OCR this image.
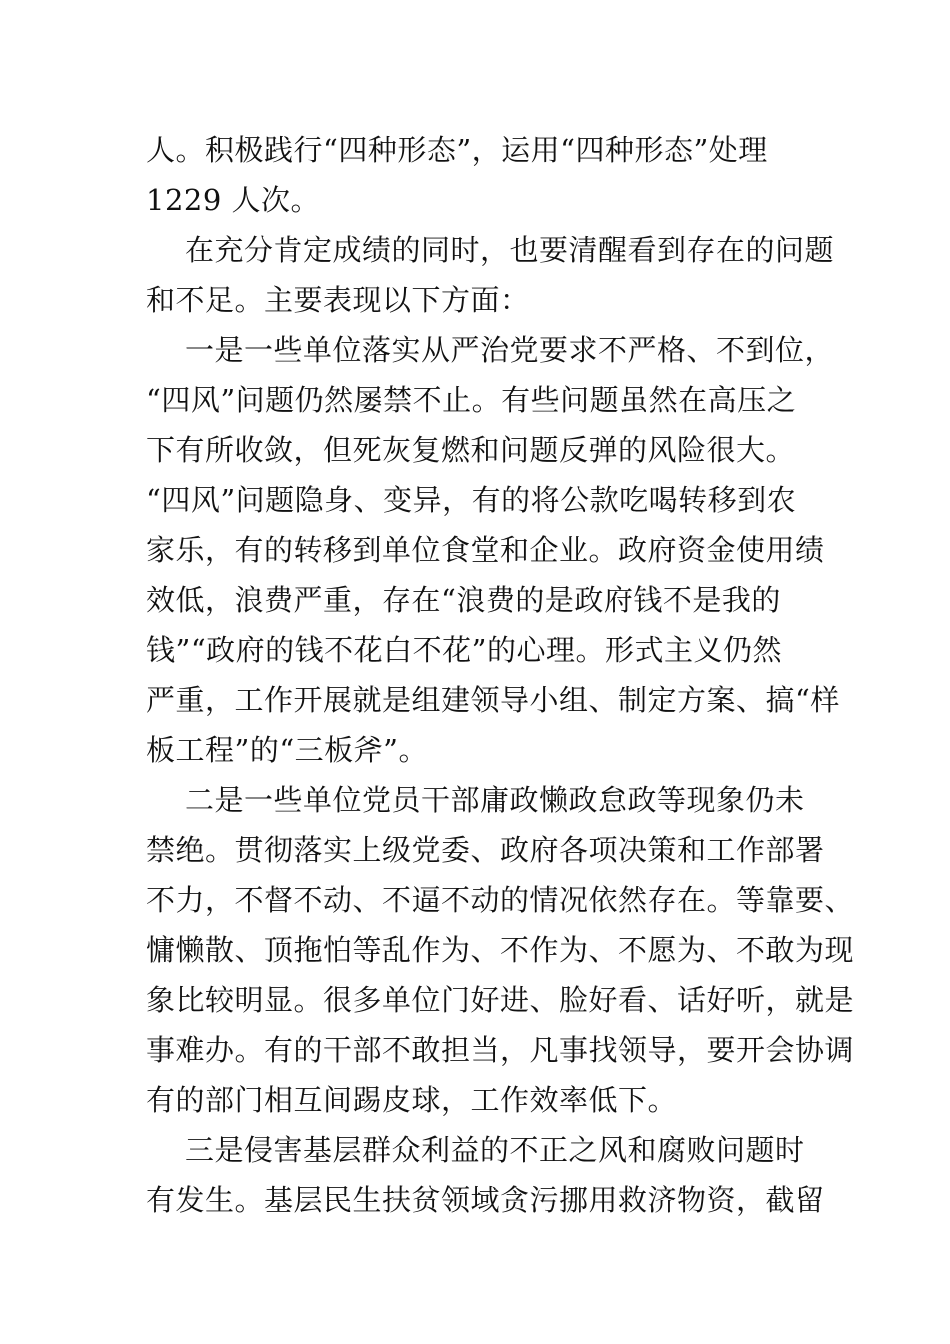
人。积极践行“四种形态”，运用“四种形态”处理
1229 人次。
在充分肯定成绩的同时，也要清醒看到存在的问题
和不足。主要表现以下方面：
一是一些单位落实从严治党要求不严格、不到位，
“四风”问题仍然屡禁不止。有些问题虽然在高压之
下有所收敛，但死灰复燃和问题反弹的风险很大。
“四风”问题隐身、变异，有的将公款吃喝转移到农
家乐，有的转移到单位食堂和企业。政府资金使用绩
效低，浪费严重，存在“浪费的是政府钱不是我的
钱”“政府的钱不花白不花”的心理。形式主义仍然
严重，工作开展就是组建领导小组、制定方案、搞“样
板工程”的“三板斧”。
二是一些单位党员干部庸政懒政怠政等现象仍未
禁绝。贯彻落实上级党委、政府各项决策和工作部署
不力，不督不动、不逼不动的情况依然存在。等靠要、
慵懒散、顶拖怕等乱作为、不作为、不愿为、不敢为现
象比较明显。很多单位门好进、脸好看、话好听，就是
事难办。有的干部不敢担当，凡事找领导，要开会协调
有的部门相互间踢皮球，工作效率低下。
三是侵害基层群众利益的不正之风和腐败问题时
有发生。基层民生扶贫领域贪污挪用救济物资，截留
